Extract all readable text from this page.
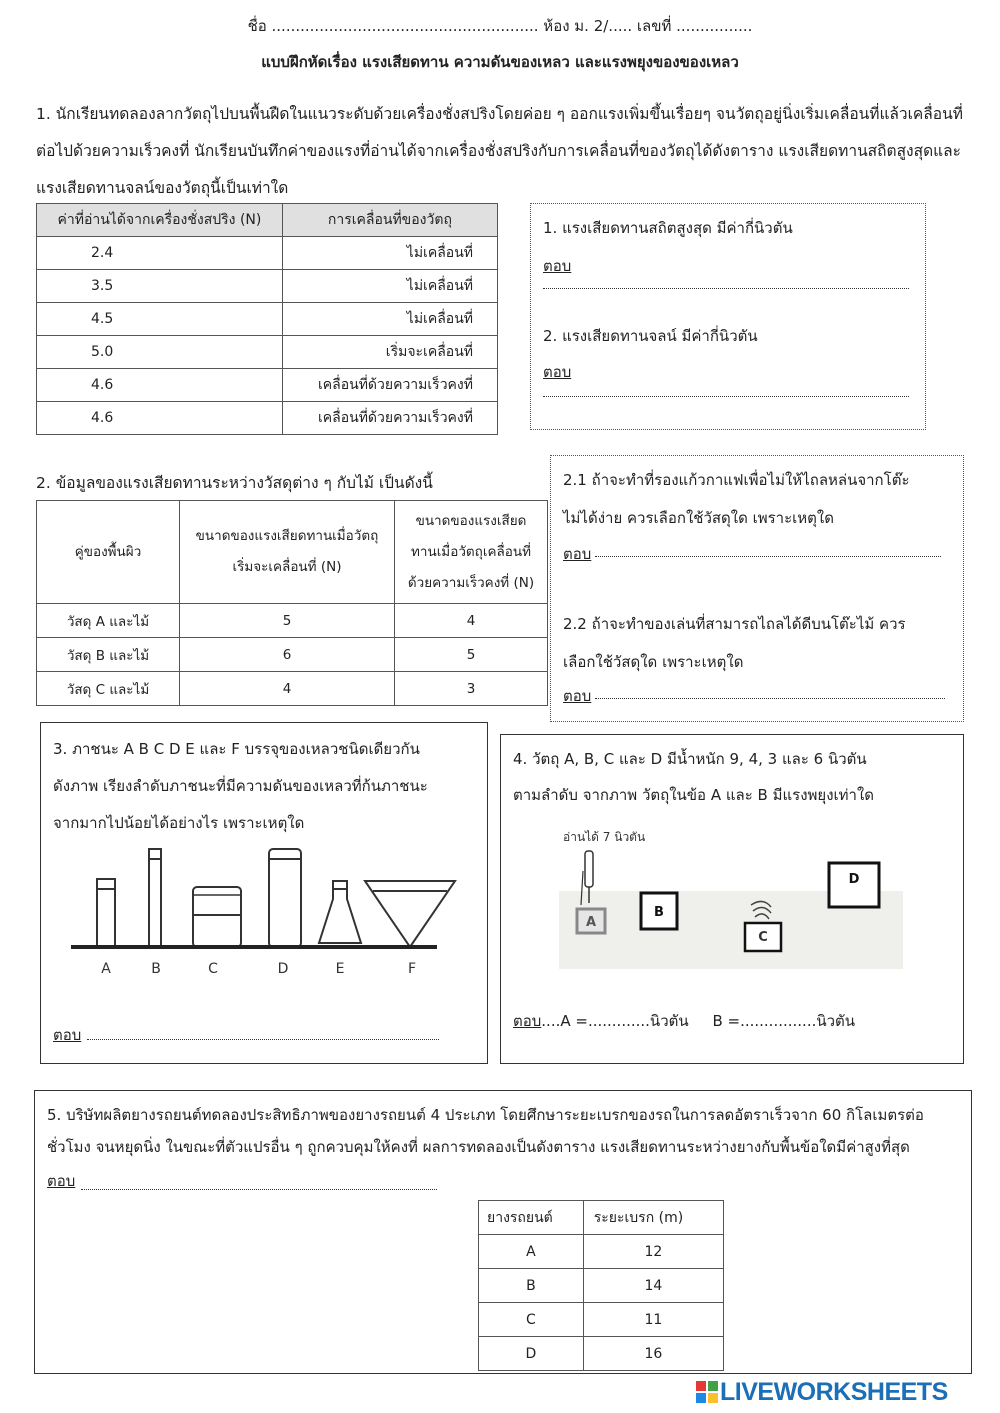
ชื่อ ........................................................ ห้อง ม. 2/..... เลขที่ ................
แบบฝึกหัดเรื่อง แรงเสียดทาน ความดันของเหลว และแรงพยุงของของเหลว
1. นักเรียนทดลองลากวัตถุไปบนพื้นฝืดในแนวระดับด้วยเครื่องชั่งสปริงโดยค่อย ๆ ออกแรงเพิ่มขึ้นเรื่อยๆ จนวัตถุอยู่นิ่งเริ่มเคลื่อนที่แล้วเคลื่อนที่ต่อไปด้วยความเร็วคงที่ นักเรียนบันทึกค่าของแรงที่อ่านได้จากเครื่องชั่งสปริงกับการเคลื่อนที่ของวัตถุได้ดังตาราง แรงเสียดทานสถิตสูงสุดและแรงเสียดทานจลน์ของวัตถุนี้เป็นเท่าใด
ค่าที่อ่านได้จากเครื่องชั่งสปริง (N)	การเคลื่อนที่ของวัตถุ
2.4	ไม่เคลื่อนที่
3.5	ไม่เคลื่อนที่
4.5	ไม่เคลื่อนที่
5.0	เริ่มจะเคลื่อนที่
4.6	เคลื่อนที่ด้วยความเร็วคงที่
4.6	เคลื่อนที่ด้วยความเร็วคงที่
1. แรงเสียดทานสถิตสูงสุด มีค่ากี่นิวตัน
ตอบ
2. แรงเสียดทานจลน์ มีค่ากี่นิวตัน
ตอบ
2. ข้อมูลของแรงเสียดทานระหว่างวัสดุต่าง ๆ กับไม้ เป็นดังนี้
คู่ของพื้นผิว	ขนาดของแรงเสียดทานเมื่อวัตถุเริ่มจะเคลื่อนที่ (N)	ขนาดของแรงเสียดทานเมื่อวัตถุเคลื่อนที่ด้วยความเร็วคงที่ (N)
วัสดุ A และไม้	5	4
วัสดุ B และไม้	6	5
วัสดุ C และไม้	4	3
2.1 ถ้าจะทำที่รองแก้วกาแฟเพื่อไม่ให้ไถลหล่นจากโต๊ะ
ไม่ได้ง่าย ควรเลือกใช้วัสดุใด เพราะเหตุใด
ตอบ
2.2 ถ้าจะทำของเล่นที่สามารถไถลได้ดีบนโต๊ะไม้ ควร
เลือกใช้วัสดุใด เพราะเหตุใด
ตอบ
3. ภาชนะ A B C D E และ F บรรจุของเหลวชนิดเดียวกัน
ดังภาพ เรียงลำดับภาชนะที่มีความดันของเหลวที่ก้นภาชนะ
จากมากไปน้อยได้อย่างไร เพราะเหตุใด
A	B	C	D	E	F
ตอบ
4. วัตถุ A, B, C และ D มีน้ำหนัก 9, 4, 3 และ 6 นิวตัน
ตามลำดับ จากภาพ วัตถุในข้อ A และ B มีแรงพยุงเท่าใด
อ่านได้ 7 นิวตัน
A
B
C
D
ตอบ....A =.............นิวตัน     B =................นิวตัน
5. บริษัทผลิตยางรถยนต์ทดลองประสิทธิภาพของยางรถยนต์ 4 ประเภท โดยศึกษาระยะเบรกของรถในการลดอัตราเร็วจาก 60 กิโลเมตรต่อ
ชั่วโมง จนหยุดนิ่ง ในขณะที่ตัวแปรอื่น ๆ ถูกควบคุมให้คงที่ ผลการทดลองเป็นดังตาราง แรงเสียดทานระหว่างยางกับพื้นข้อใดมีค่าสูงที่สุด
ตอบ
ยางรถยนต์	ระยะเบรก (m)
A	12
B	14
C	11
D	16
LIVEWORKSHEETS
